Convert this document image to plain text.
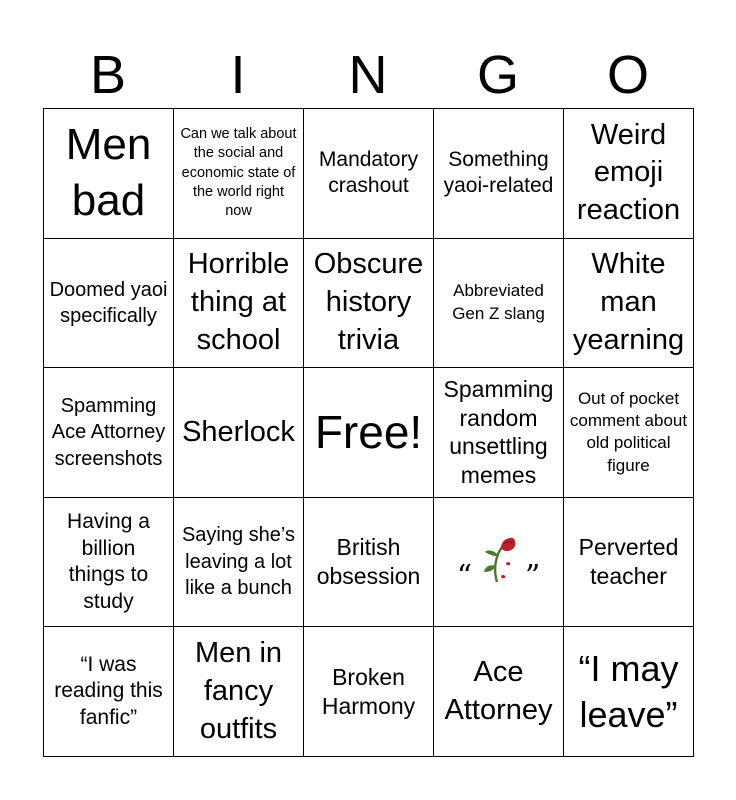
B	I	N	G	O
Men bad	Can we talk about the social and economic state of the world right now	Mandatory crashout	Something yaoi-related	Weird emoji reaction

Doomed yaoi specifically	Horrible thing at school	Obscure history trivia	Abbreviated Gen Z slang	White man yearning

Spamming Ace Attorney screenshots	Sherlock	Free!	Spamming random unsettling memes	Out of pocket comment about old political figure

Having a billion things to study	Saying she’s leaving a lot like a bunch	British obsession	“ ”	Perverted teacher

“I was reading this fanfic”	Men in fancy outfits	Broken Harmony	Ace Attorney	“I may leave”
